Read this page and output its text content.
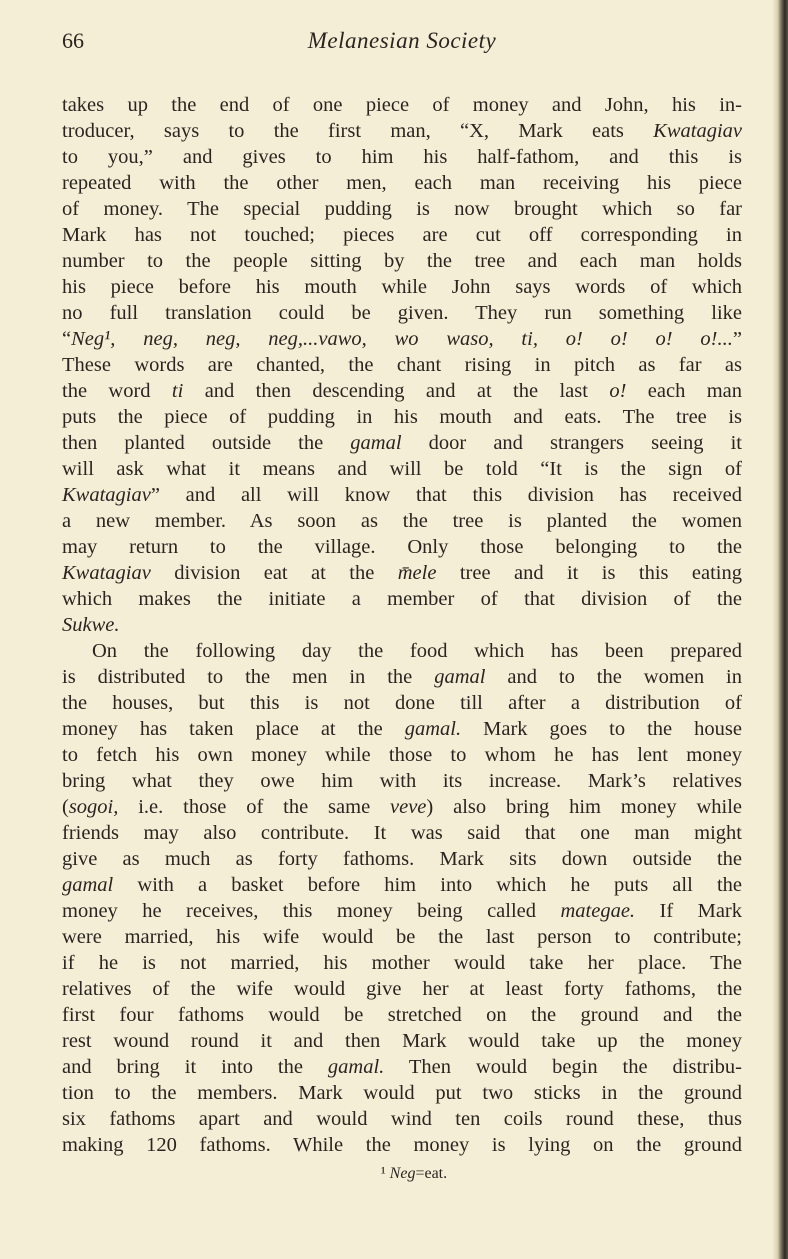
66	Melanesian Society
takes up the end of one piece of money and John, his in-
troducer, says to the first man, “X, Mark eats Kwatagiav
to you,” and gives to him his half-fathom, and this is
repeated with the other men, each man receiving his piece
of money. The special pudding is now brought which so far
Mark has not touched; pieces are cut off corresponding in
number to the people sitting by the tree and each man holds
his piece before his mouth while John says words of which
no full translation could be given. They run something like
“Neg¹, neg, neg, neg,...vawo, wo waso, ti, o! o! o! o!...”
These words are chanted, the chant rising in pitch as far as
the word ti and then descending and at the last o! each man
puts the piece of pudding in his mouth and eats. The tree is
then planted outside the gamal door and strangers seeing it
will ask what it means and will be told “It is the sign of
Kwatagiav” and all will know that this division has received
a new member. As soon as the tree is planted the women
may return to the village. Only those belonging to the
Kwatagiav division eat at the m̄ele tree and it is this eating
which makes the initiate a member of that division of the
Sukwe.
On the following day the food which has been prepared
is distributed to the men in the gamal and to the women in
the houses, but this is not done till after a distribution of
money has taken place at the gamal. Mark goes to the house
to fetch his own money while those to whom he has lent money
bring what they owe him with its increase. Mark’s relatives
(sogoi, i.e. those of the same veve) also bring him money while
friends may also contribute. It was said that one man might
give as much as forty fathoms. Mark sits down outside the
gamal with a basket before him into which he puts all the
money he receives, this money being called mategae. If Mark
were married, his wife would be the last person to contribute;
if he is not married, his mother would take her place. The
relatives of the wife would give her at least forty fathoms, the
first four fathoms would be stretched on the ground and the
rest wound round it and then Mark would take up the money
and bring it into the gamal. Then would begin the distribu-
tion to the members. Mark would put two sticks in the ground
six fathoms apart and would wind ten coils round these, thus
making 120 fathoms. While the money is lying on the ground
¹ Neg=eat.
